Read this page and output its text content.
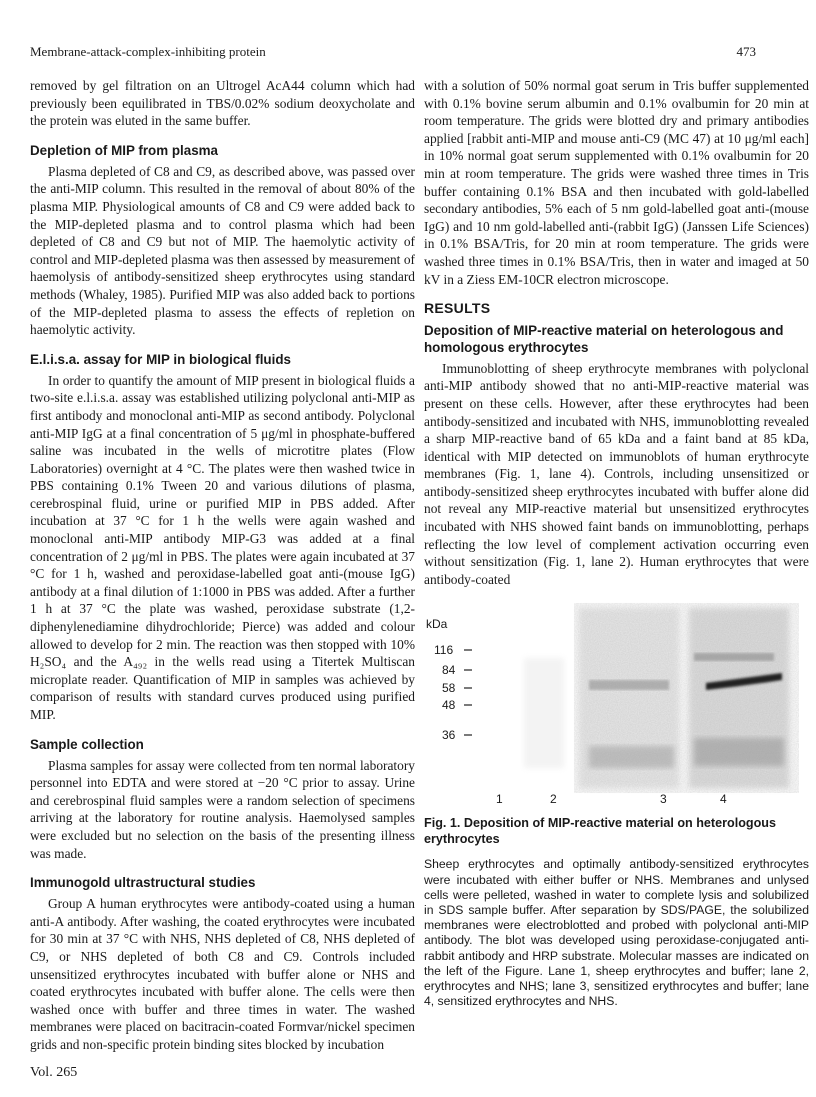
Membrane-attack-complex-inhibiting protein	473

removed by gel filtration on an Ultrogel AcA44 column which had previously been equilibrated in TBS/0.02% sodium deoxycholate and the protein was eluted in the same buffer.

Depletion of MIP from plasma

Plasma depleted of C8 and C9, as described above, was passed over the anti-MIP column. This resulted in the removal of about 80% of the plasma MIP. Physiological amounts of C8 and C9 were added back to the MIP-depleted plasma and to control plasma which had been depleted of C8 and C9 but not of MIP. The haemolytic activity of control and MIP-depleted plasma was then assessed by measurement of haemolysis of antibody-sensitized sheep erythrocytes using standard methods (Whaley, 1985). Purified MIP was also added back to portions of the MIP-depleted plasma to assess the effects of repletion on haemolytic activity.

E.l.i.s.a. assay for MIP in biological fluids

In order to quantify the amount of MIP present in biological fluids a two-site e.l.i.s.a. assay was established utilizing polyclonal anti-MIP as first antibody and monoclonal anti-MIP as second antibody. Polyclonal anti-MIP IgG at a final concentration of 5 μg/ml in phosphate-buffered saline was incubated in the wells of microtitre plates (Flow Laboratories) overnight at 4 °C. The plates were then washed twice in PBS containing 0.1% Tween 20 and various dilutions of plasma, cerebrospinal fluid, urine or purified MIP in PBS added. After incubation at 37 °C for 1 h the wells were again washed and monoclonal anti-MIP antibody MIP-G3 was added at a final concentration of 2 μg/ml in PBS. The plates were again incubated at 37 °C for 1 h, washed and peroxidase-labelled goat anti-(mouse IgG) antibody at a final dilution of 1:1000 in PBS was added. After a further 1 h at 37 °C the plate was washed, peroxidase substrate (1,2-diphenylenediamine dihydrochloride; Pierce) was added and colour allowed to develop for 2 min. The reaction was then stopped with 10% H₂SO₄ and the A₄₉₂ in the wells read using a Titertek Multiscan microplate reader. Quantification of MIP in samples was achieved by comparison of results with standard curves produced using purified MIP.

Sample collection

Plasma samples for assay were collected from ten normal laboratory personnel into EDTA and were stored at −20 °C prior to assay. Urine and cerebrospinal fluid samples were a random selection of specimens arriving at the laboratory for routine analysis. Haemolysed samples were excluded but no selection on the basis of the presenting illness was made.

Immunogold ultrastructural studies

Group A human erythrocytes were antibody-coated using a human anti-A antibody. After washing, the coated erythrocytes were incubated for 30 min at 37 °C with NHS, NHS depleted of C8, NHS depleted of C9, or NHS depleted of both C8 and C9. Controls included unsensitized erythrocytes incubated with buffer alone or NHS and coated erythrocytes incubated with buffer alone. The cells were then washed once with buffer and three times in water. The washed membranes were placed on bacitracin-coated Formvar/nickel specimen grids and non-specific protein binding sites blocked by incubation

with a solution of 50% normal goat serum in Tris buffer supplemented with 0.1% bovine serum albumin and 0.1% ovalbumin for 20 min at room temperature. The grids were blotted dry and primary antibodies applied [rabbit anti-MIP and mouse anti-C9 (MC 47) at 10 μg/ml each] in 10% normal goat serum supplemented with 0.1% ovalbumin for 20 min at room temperature. The grids were washed three times in Tris buffer containing 0.1% BSA and then incubated with gold-labelled secondary antibodies, 5% each of 5 nm gold-labelled goat anti-(mouse IgG) and 10 nm gold-labelled anti-(rabbit IgG) (Janssen Life Sciences) in 0.1% BSA/Tris, for 20 min at room temperature. The grids were washed three times in 0.1% BSA/Tris, then in water and imaged at 50 kV in a Ziess EM-10CR electron microscope.

RESULTS
Deposition of MIP-reactive material on heterologous and homologous erythrocytes

Immunoblotting of sheep erythrocyte membranes with polyclonal anti-MIP antibody showed that no anti-MIP-reactive material was present on these cells. However, after these erythrocytes had been antibody-sensitized and incubated with NHS, immunoblotting revealed a sharp MIP-reactive band of 65 kDa and a faint band at 85 kDa, identical with MIP detected on immunoblots of human erythrocyte membranes (Fig. 1, lane 4). Controls, including unsensitized or antibody-sensitized sheep erythrocytes incubated with buffer alone did not reveal any MIP-reactive material but unsensitized erythrocytes incubated with NHS showed faint bands on immunoblotting, perhaps reflecting the low level of complement activation occurring even without sensitization (Fig. 1, lane 2). Human erythrocytes that were antibody-coated

kDa
116
84
58
48
36
1	2	3	4
Fig. 1. Deposition of MIP-reactive material on heterologous erythrocytes

Sheep erythrocytes and optimally antibody-sensitized erythrocytes were incubated with either buffer or NHS. Membranes and unlysed cells were pelleted, washed in water to complete lysis and solubilized in SDS sample buffer. After separation by SDS/PAGE, the solubilized membranes were electroblotted and probed with polyclonal anti-MIP antibody. The blot was developed using peroxidase-conjugated anti-rabbit antibody and HRP substrate. Molecular masses are indicated on the left of the Figure. Lane 1, sheep erythrocytes and buffer; lane 2, erythrocytes and NHS; lane 3, sensitized erythrocytes and buffer; lane 4, sensitized erythrocytes and NHS.

Vol. 265
